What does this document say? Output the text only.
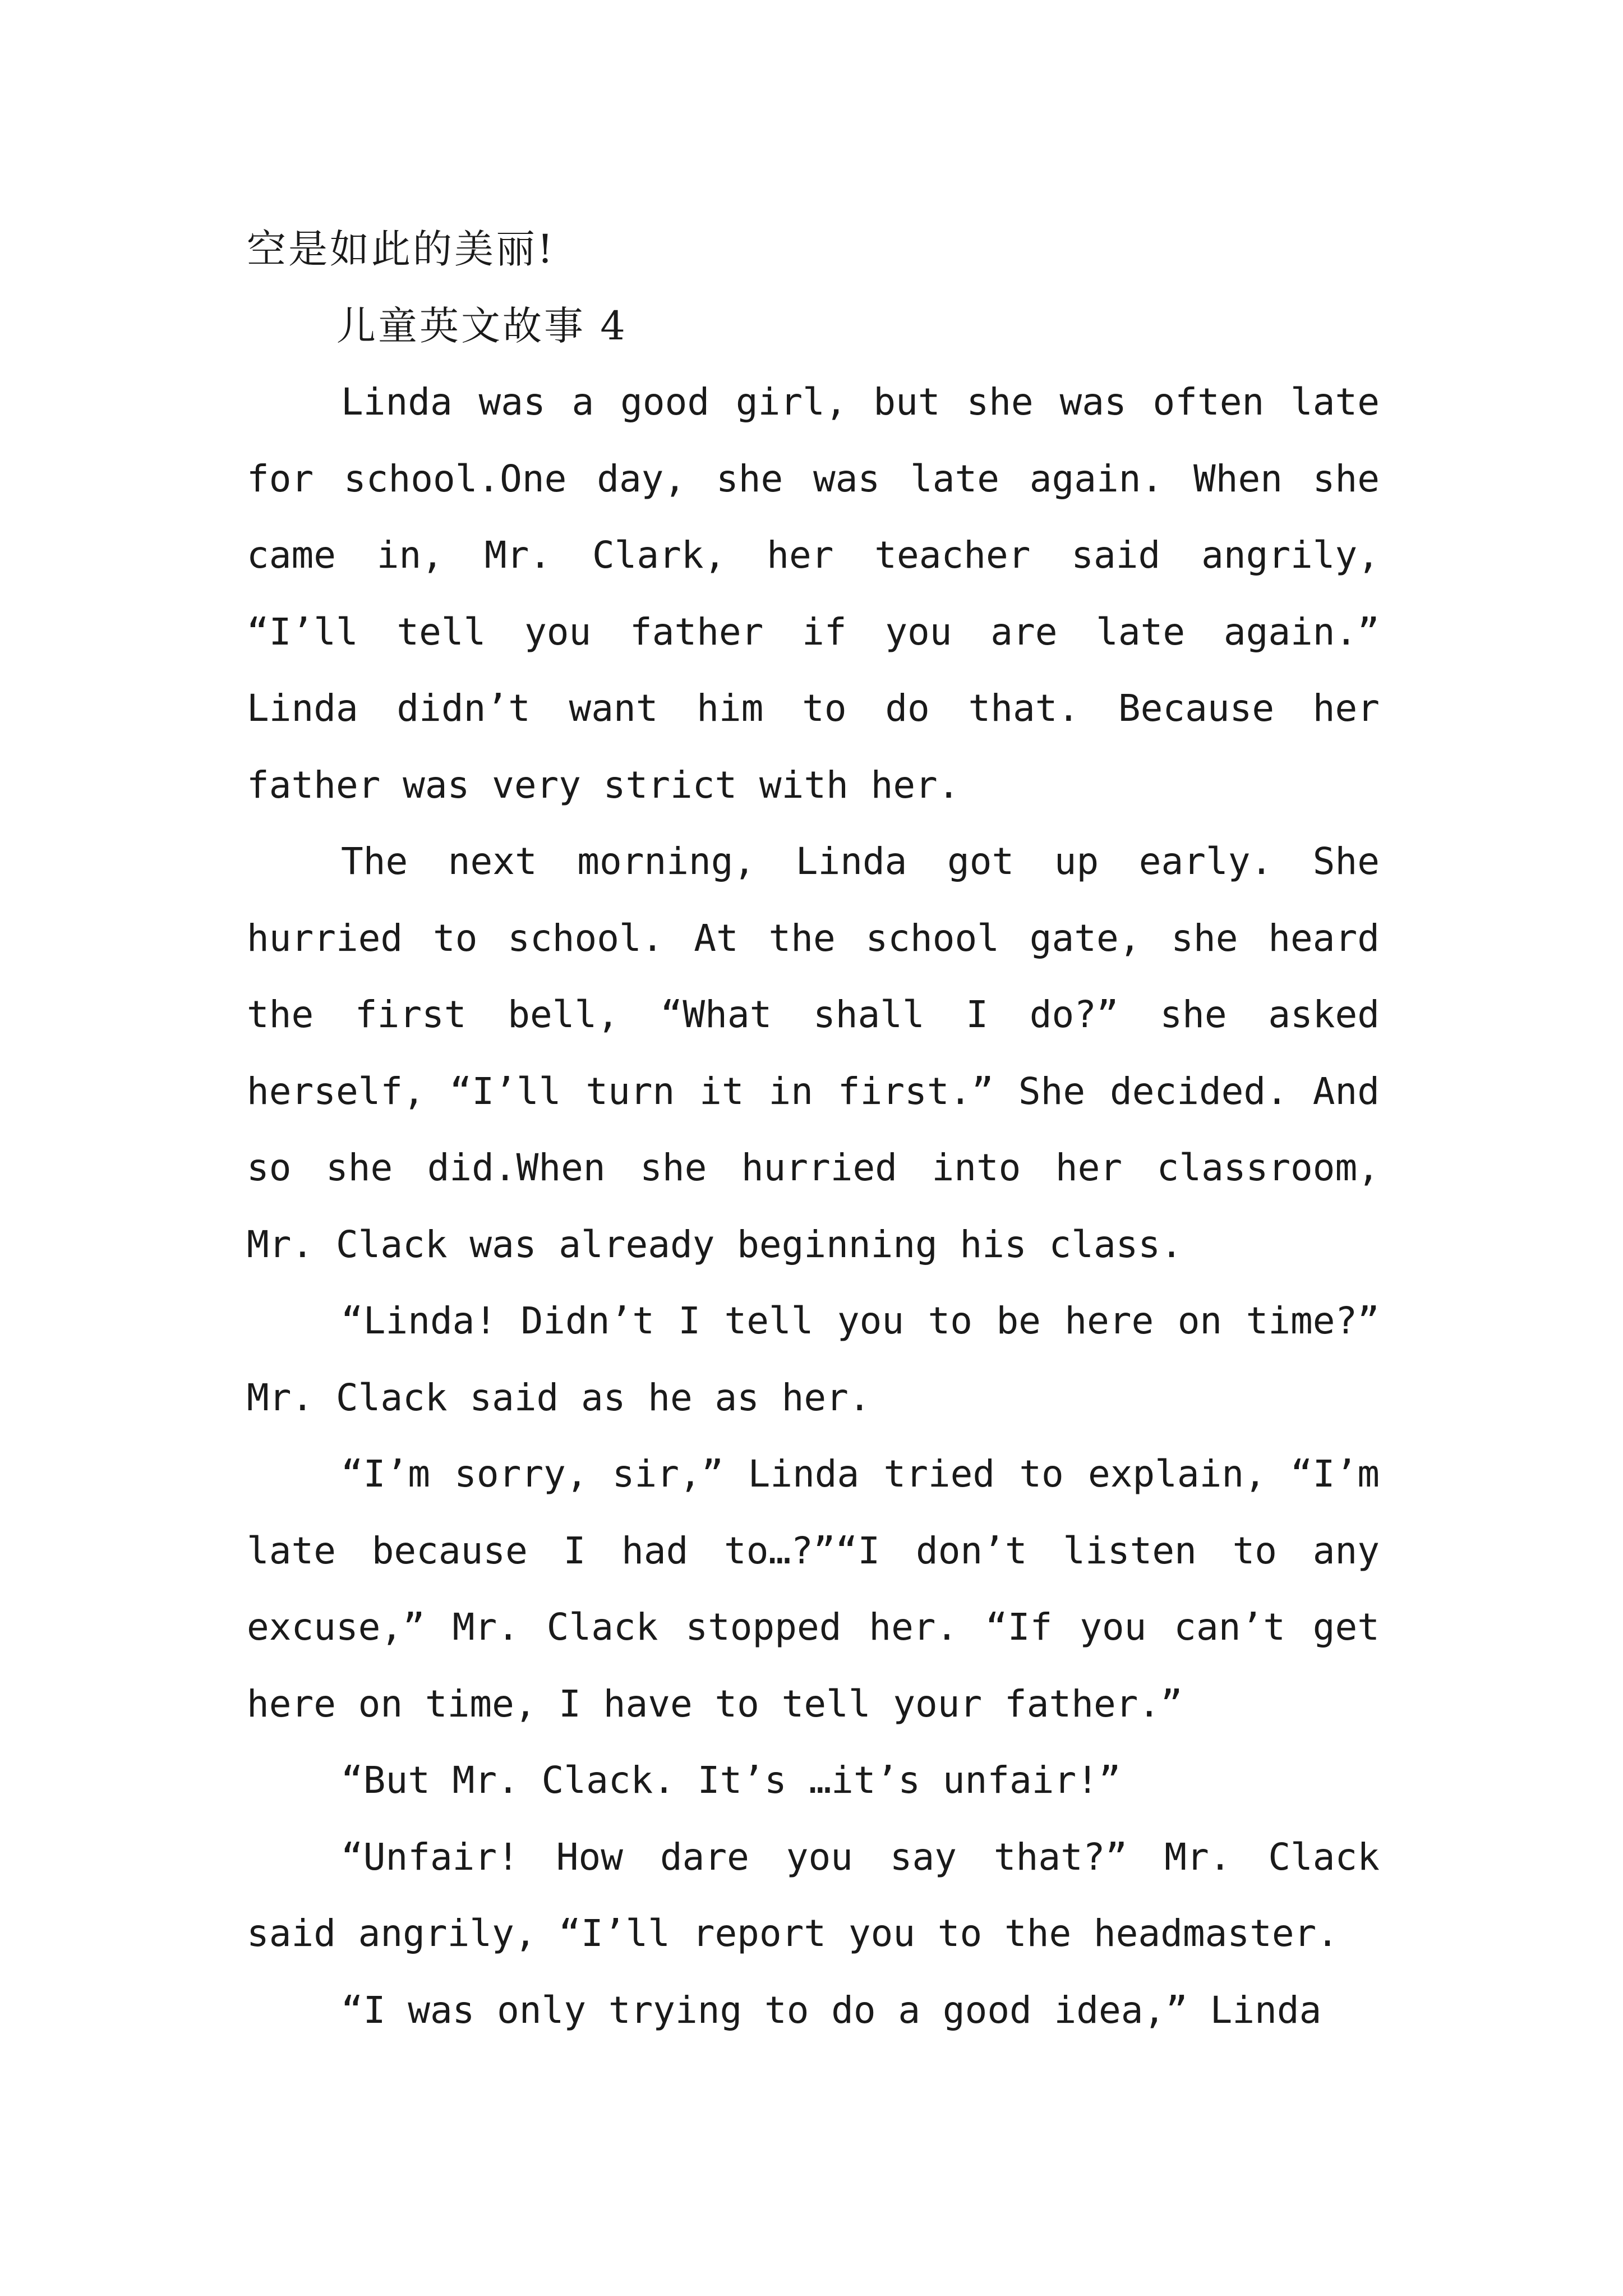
空是如此的美丽!

儿童英文故事 4

Linda was a good girl, but she was often late for school.One day, she was late again. When she came in, Mr. Clark, her teacher said angrily, “I’ll tell you father if you are late again.” Linda didn’t want him to do that. Because her father was very strict with her.

The next morning, Linda got up early. She hurried to school. At the school gate, she heard the first bell, “What shall I do?” she asked herself, “I’ll turn it in first.” She decided. And so she did.When she hurried into her classroom, Mr. Clack was already beginning his class.

“Linda! Didn’t I tell you to be here on time?” Mr. Clack said as he as her.

“I’m sorry, sir,” Linda tried to explain, “I’m late because I had to…?”“I don’t listen to any excuse,” Mr. Clack stopped her. “If you can’t get here on time, I have to tell your father.”

“But Mr. Clack. It’s …it’s unfair!”

“Unfair! How dare you say that?” Mr. Clack said angrily, “I’ll report you to the headmaster.

“I was only trying to do a good idea,” Linda
